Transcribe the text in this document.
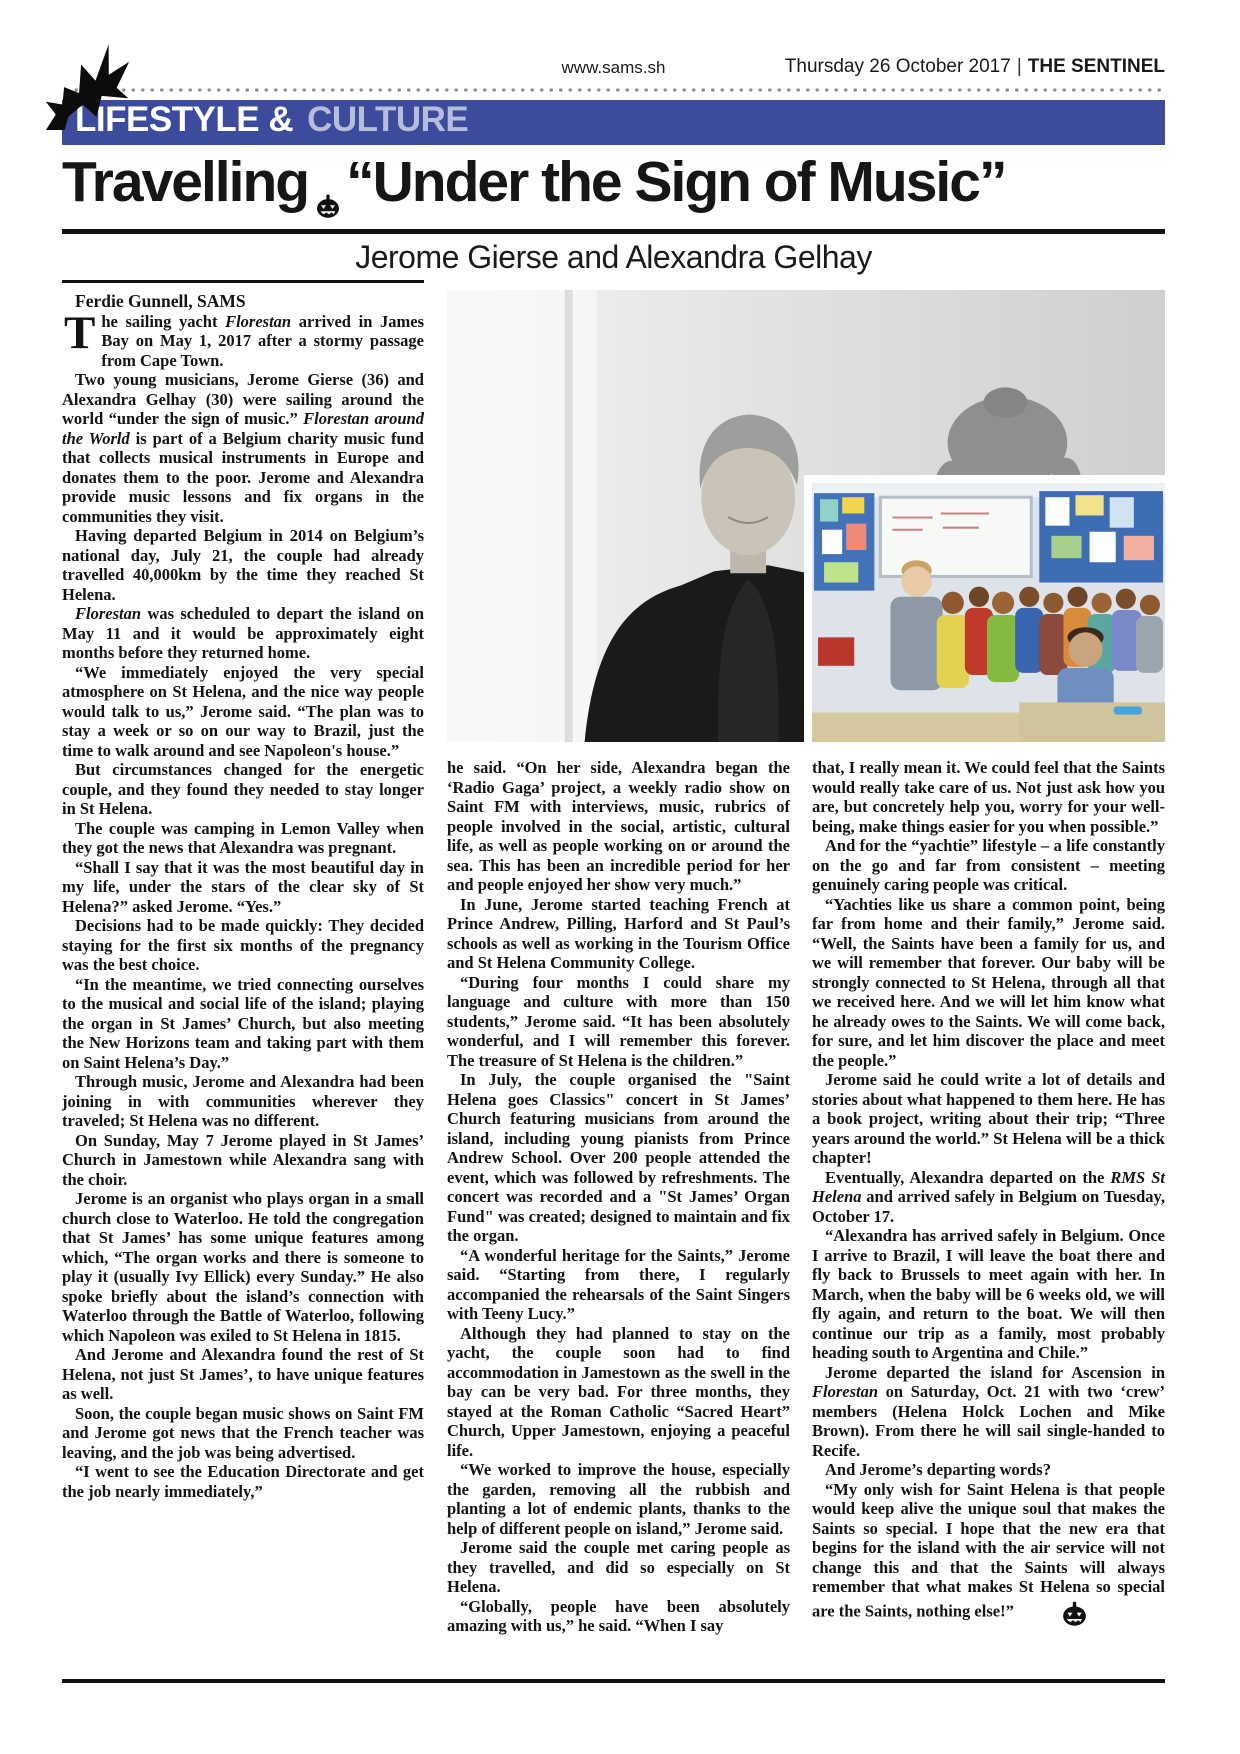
14
www.sams.sh	Thursday 26 October 2017 | THE SENTINEL
LIFESTYLE & CULTURE
Travelling “Under the Sign of Music”
Jerome Gierse and Alexandra Gelhay

Ferdie Gunnell, SAMS

The sailing yacht Florestan arrived in James Bay on May 1, 2017 after a stormy passage from Cape Town.

Two young musicians, Jerome Gierse (36) and Alexandra Gelhay (30) were sailing around the world “under the sign of music.” Florestan around the World is part of a Belgium charity music fund that collects musical instruments in Europe and donates them to the poor. Jerome and Alexandra provide music lessons and fix organs in the communities they visit.

Having departed Belgium in 2014 on Belgium’s national day, July 21, the couple had already travelled 40,000km by the time they reached St Helena.

Florestan was scheduled to depart the island on May 11 and it would be approximately eight months before they returned home.

“We immediately enjoyed the very special atmosphere on St Helena, and the nice way people would talk to us,” Jerome said. “The plan was to stay a week or so on our way to Brazil, just the time to walk around and see Napoleon's house.”

But circumstances changed for the energetic couple, and they found they needed to stay longer in St Helena.

The couple was camping in Lemon Valley when they got the news that Alexandra was pregnant.

“Shall I say that it was the most beautiful day in my life, under the stars of the clear sky of St Helena?” asked Jerome. “Yes.”

Decisions had to be made quickly: They decided staying for the first six months of the pregnancy was the best choice.

“In the meantime, we tried connecting ourselves to the musical and social life of the island; playing the organ in St James’ Church, but also meeting the New Horizons team and taking part with them on Saint Helena’s Day.”

Through music, Jerome and Alexandra had been joining in with communities wherever they traveled; St Helena was no different.

On Sunday, May 7 Jerome played in St James’ Church in Jamestown while Alexandra sang with the choir.

Jerome is an organist who plays organ in a small church close to Waterloo. He told the congregation that St James’ has some unique features among which, “The organ works and there is someone to play it (usually Ivy Ellick) every Sunday.” He also spoke briefly about the island’s connection with Waterloo through the Battle of Waterloo, following which Napoleon was exiled to St Helena in 1815.

And Jerome and Alexandra found the rest of St Helena, not just St James’, to have unique features as well.

Soon, the couple began music shows on Saint FM and Jerome got news that the French teacher was leaving, and the job was being advertised.

“I went to see the Education Directorate and get the job nearly immediately,”

he said. “On her side, Alexandra began the ‘Radio Gaga’ project, a weekly radio show on Saint FM with interviews, music, rubrics of people involved in the social, artistic, cultural life, as well as people working on or around the sea. This has been an incredible period for her and people enjoyed her show very much.”

In June, Jerome started teaching French at Prince Andrew, Pilling, Harford and St Paul’s schools as well as working in the Tourism Office and St Helena Community College.

“During four months I could share my language and culture with more than 150 students,” Jerome said. “It has been absolutely wonderful, and I will remember this forever. The treasure of St Helena is the children.”

In July, the couple organised the "Saint Helena goes Classics" concert in St James’ Church featuring musicians from around the island, including young pianists from Prince Andrew School. Over 200 people attended the event, which was followed by refreshments. The concert was recorded and a "St James’ Organ Fund" was created; designed to maintain and fix the organ.

“A wonderful heritage for the Saints,” Jerome said. “Starting from there, I regularly accompanied the rehearsals of the Saint Singers with Teeny Lucy.”

Although they had planned to stay on the yacht, the couple soon had to find accommodation in Jamestown as the swell in the bay can be very bad. For three months, they stayed at the Roman Catholic “Sacred Heart” Church, Upper Jamestown, enjoying a peaceful life.

“We worked to improve the house, especially the garden, removing all the rubbish and planting a lot of endemic plants, thanks to the help of different people on island,” Jerome said.

Jerome said the couple met caring people as they travelled, and did so especially on St Helena.

“Globally, people have been absolutely amazing with us,” he said. “When I say

that, I really mean it. We could feel that the Saints would really take care of us. Not just ask how you are, but concretely help you, worry for your well-being, make things easier for you when possible.”

And for the “yachtie” lifestyle – a life constantly on the go and far from consistent – meeting genuinely caring people was critical.

“Yachties like us share a common point, being far from home and their family,” Jerome said. “Well, the Saints have been a family for us, and we will remember that forever. Our baby will be strongly connected to St Helena, through all that we received here. And we will let him know what he already owes to the Saints. We will come back, for sure, and let him discover the place and meet the people.”

Jerome said he could write a lot of details and stories about what happened to them here. He has a book project, writing about their trip; “Three years around the world.” St Helena will be a thick chapter!

Eventually, Alexandra departed on the RMS St Helena and arrived safely in Belgium on Tuesday, October 17.

“Alexandra has arrived safely in Belgium. Once I arrive to Brazil, I will leave the boat there and fly back to Brussels to meet again with her. In March, when the baby will be 6 weeks old, we will fly again, and return to the boat. We will then continue our trip as a family, most probably heading south to Argentina and Chile.”

Jerome departed the island for Ascension in Florestan on Saturday, Oct. 21 with two ‘crew’ members (Helena Holck Lochen and Mike Brown). From there he will sail single-handed to Recife.

And Jerome’s departing words?

“My only wish for Saint Helena is that people would keep alive the unique soul that makes the Saints so special. I hope that the new era that begins for the island with the air service will not change this and that the Saints will always remember that what makes St Helena so special are the Saints, nothing else!”
